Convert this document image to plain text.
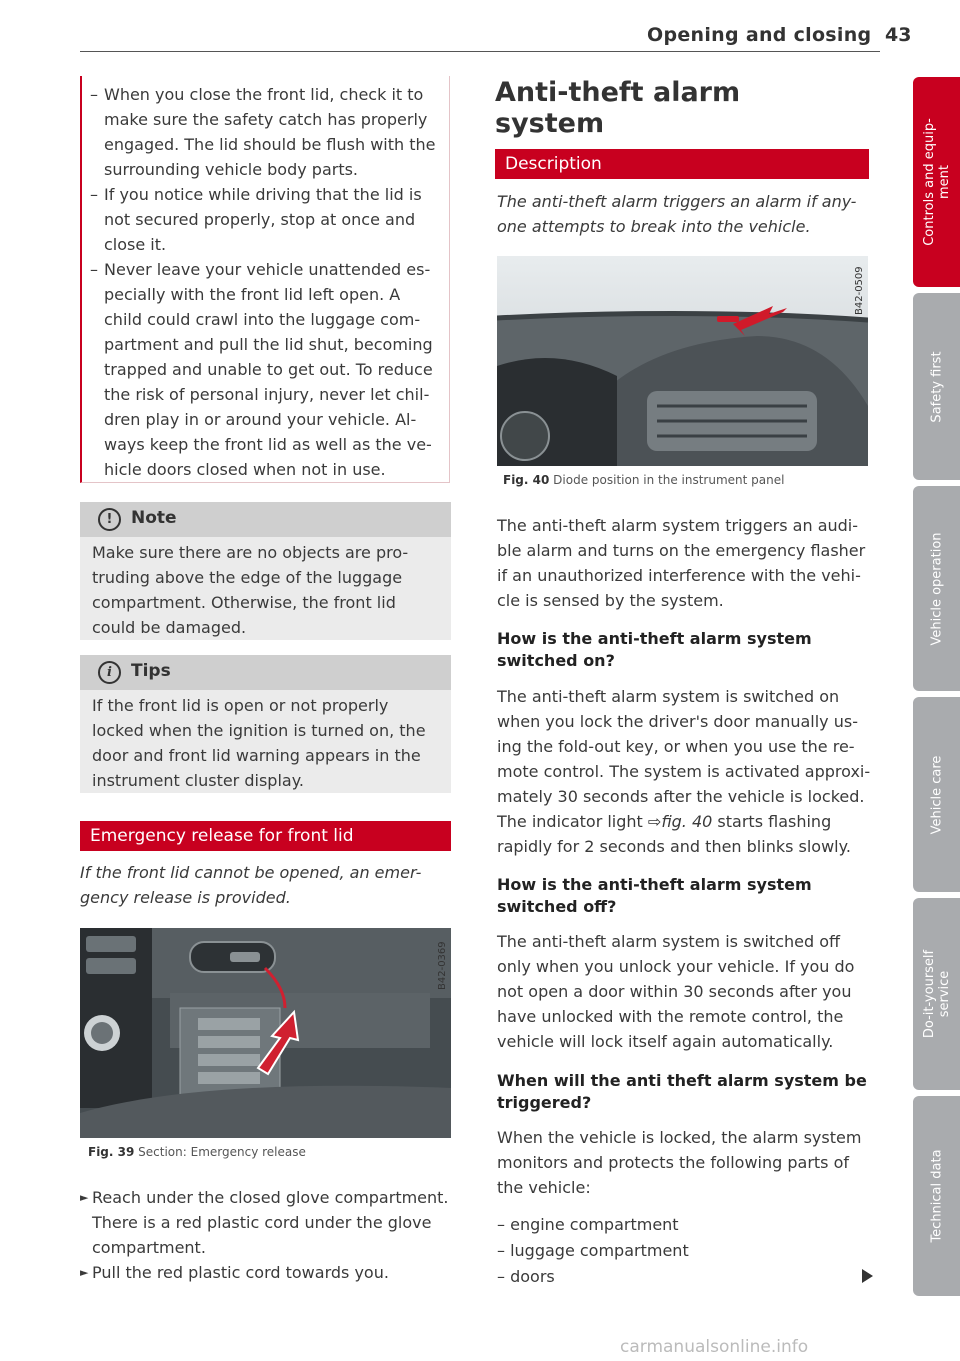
Opening and closing 43
– When you close the front lid, check it to
make sure the safety catch has properly
engaged. The lid should be flush with the
surrounding vehicle body parts.
– If you notice while driving that the lid is
not secured properly, stop at once and
close it.
– Never leave your vehicle unattended es-
pecially with the front lid left open. A
child could crawl into the luggage com-
partment and pull the lid shut, becoming
trapped and unable to get out. To reduce
the risk of personal injury, never let chil-
dren play in or around your vehicle. Al-
ways keep the front lid as well as the ve-
hicle doors closed when not in use.
!	Note
Make sure there are no objects are pro-
truding above the edge of the luggage
compartment. Otherwise, the front lid
could be damaged.
i	Tips
If the front lid is open or not properly
locked when the ignition is turned on, the
door and front lid warning appears in the
instrument cluster display.
Emergency release for front lid
If the front lid cannot be opened, an emer-
gency release is provided.
B42-0369
Fig. 39 Section: Emergency release
► Reach under the closed glove compartment.
There is a red plastic cord under the glove
compartment.
► Pull the red plastic cord towards you.
Anti-theft alarm
system
Description
The anti-theft alarm triggers an alarm if any-
one attempts to break into the vehicle.
B42-0509
Fig. 40 Diode position in the instrument panel
The anti-theft alarm system triggers an audi-
ble alarm and turns on the emergency flasher
if an unauthorized interference with the vehi-
cle is sensed by the system.
How is the anti-theft alarm system
switched on?
The anti-theft alarm system is switched on
when you lock the driver's door manually us-
ing the fold-out key, or when you use the re-
mote control. The system is activated approxi-
mately 30 seconds after the vehicle is locked.
The indicator light ⇨fig. 40 starts flashing
rapidly for 2 seconds and then blinks slowly.
How is the anti-theft alarm system
switched off?
The anti-theft alarm system is switched off
only when you unlock your vehicle. If you do
not open a door within 30 seconds after you
have unlocked with the remote control, the
vehicle will lock itself again automatically.
When will the anti theft alarm system be
triggered?
When the vehicle is locked, the alarm system
monitors and protects the following parts of
the vehicle:
– engine compartment
– luggage compartment
– doors
Controls and equip-
ment
Safety first
Vehicle operation
Vehicle care
Do-it-yourself
service
Technical data
carmanualsonline.info
